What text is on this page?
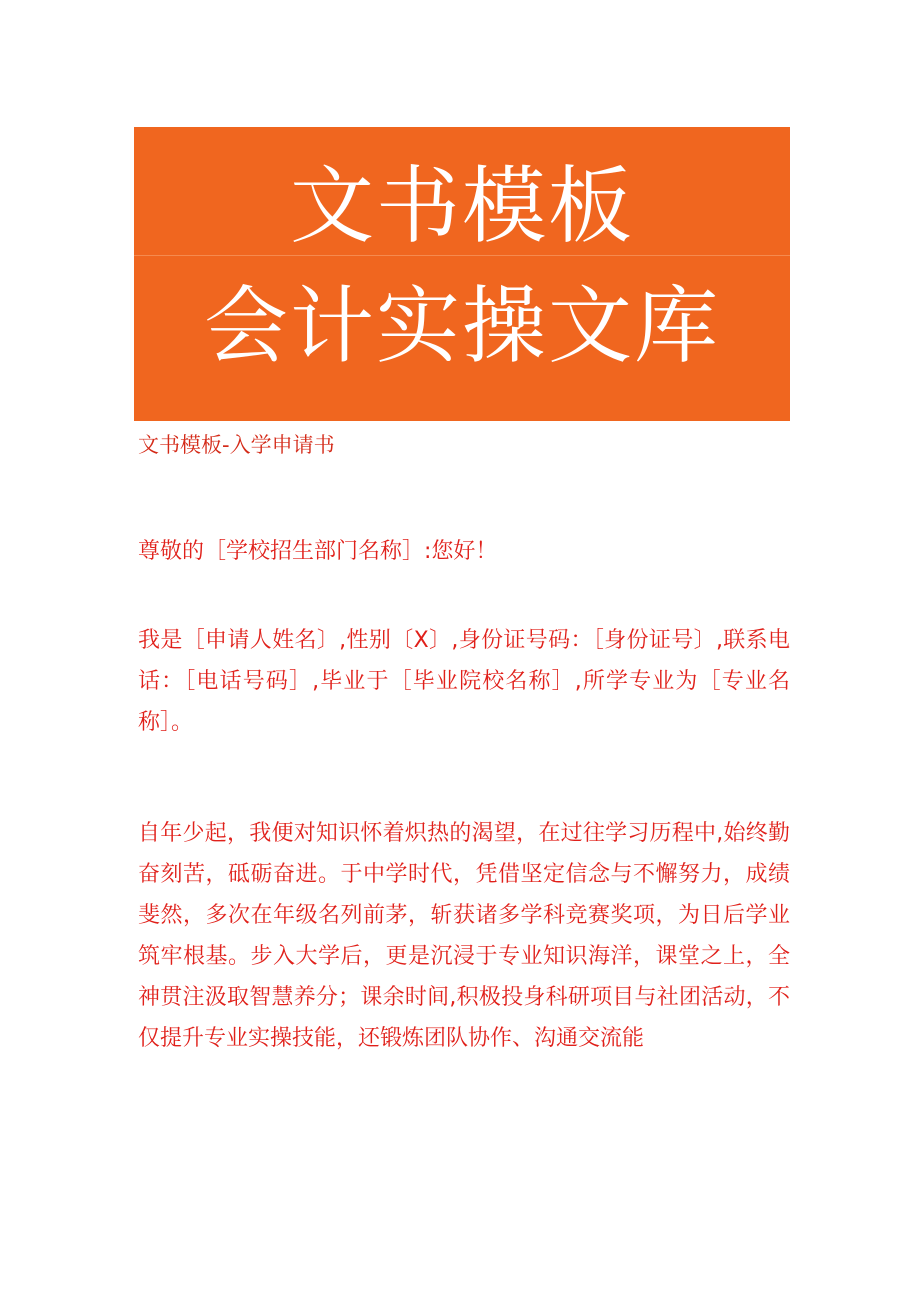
文书模板
会计实操文库
文书模板-入学申请书

尊敬的［学校招生部门名称］:您好！

我是［申请人姓名〕,性别〔X〕,身份证号码：［身份证号〕,联系电话：［电话号码］,毕业于［毕业院校名称］,所学专业为［专业名称］。

自年少起，我便对知识怀着炽热的渴望，在过往学习历程中,始终勤奋刻苦，砥砺奋进。于中学时代，凭借坚定信念与不懈努力，成绩斐然，多次在年级名列前茅，斩获诸多学科竞赛奖项，为日后学业筑牢根基。步入大学后，更是沉浸于专业知识海洋，课堂之上，全神贯注汲取智慧养分；课余时间,积极投身科研项目与社团活动，不仅提升专业实操技能，还锻炼团队协作、沟通交流能
